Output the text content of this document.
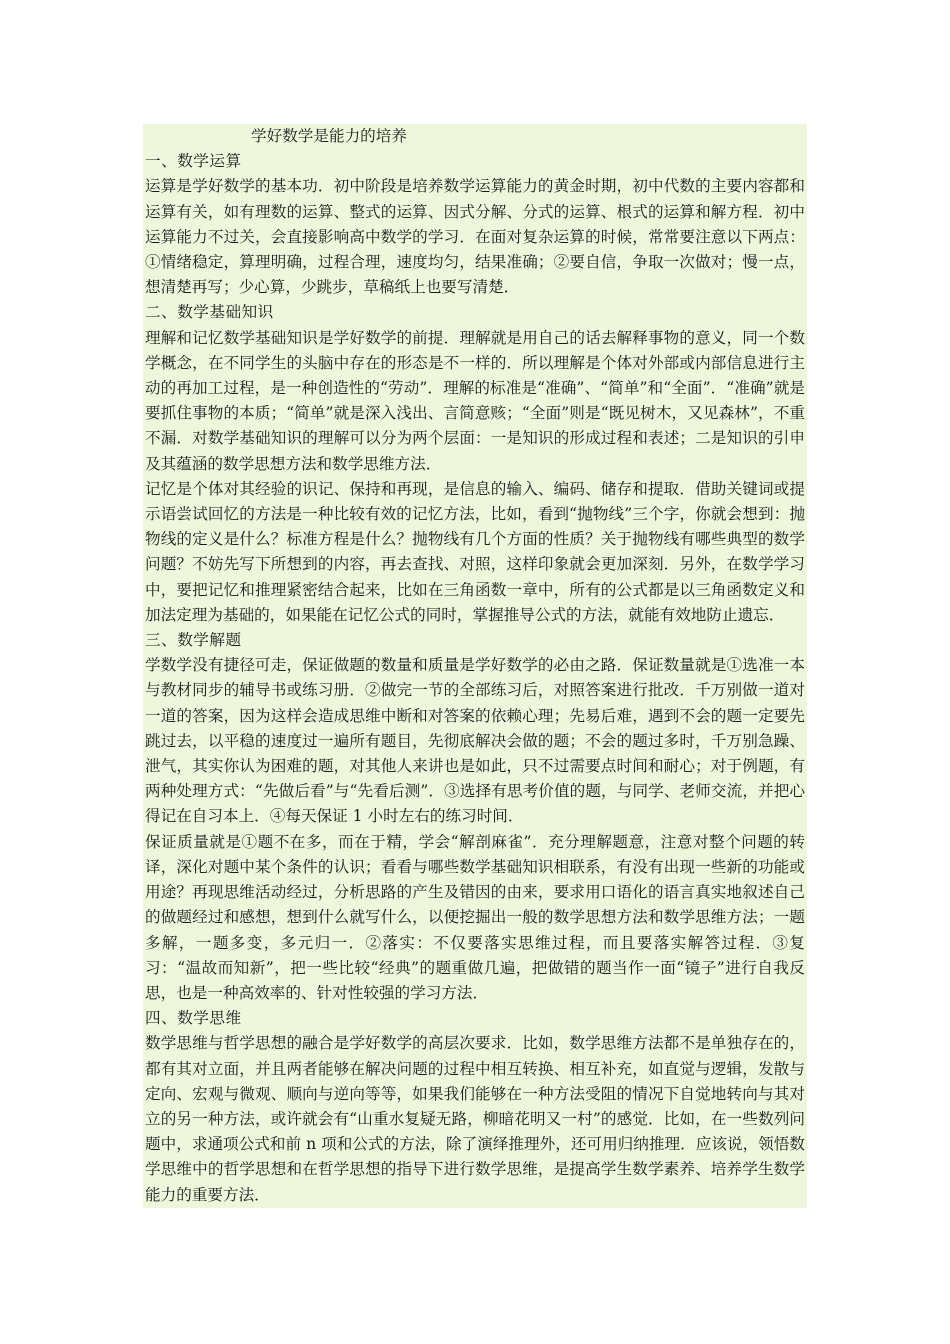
学好数学是能力的培养

一、数学运算

运算是学好数学的基本功．初中阶段是培养数学运算能力的黄金时期，初中代数的主要内容都和运算有关，如有理数的运算、整式的运算、因式分解、分式的运算、根式的运算和解方程．初中运算能力不过关，会直接影响高中数学的学习．在面对复杂运算的时候，常常要注意以下两点：①情绪稳定，算理明确，过程合理，速度均匀，结果准确；②要自信，争取一次做对；慢一点，想清楚再写；少心算，少跳步，草稿纸上也要写清楚．

二、数学基础知识

理解和记忆数学基础知识是学好数学的前提．理解就是用自己的话去解释事物的意义，同一个数学概念，在不同学生的头脑中存在的形态是不一样的．所以理解是个体对外部或内部信息进行主动的再加工过程，是一种创造性的“劳动”．理解的标准是“准确”、“简单”和“全面”．“准确”就是要抓住事物的本质；“简单”就是深入浅出、言简意赅；“全面”则是“既见树木，又见森林”，不重不漏．对数学基础知识的理解可以分为两个层面：一是知识的形成过程和表述；二是知识的引申及其蕴涵的数学思想方法和数学思维方法．

记忆是个体对其经验的识记、保持和再现，是信息的输入、编码、储存和提取．借助关键词或提示语尝试回忆的方法是一种比较有效的记忆方法，比如，看到“抛物线”三个字，你就会想到：抛物线的定义是什么？标准方程是什么？抛物线有几个方面的性质？关于抛物线有哪些典型的数学问题？不妨先写下所想到的内容，再去查找、对照，这样印象就会更加深刻．另外，在数学学习中，要把记忆和推理紧密结合起来，比如在三角函数一章中，所有的公式都是以三角函数定义和加法定理为基础的，如果能在记忆公式的同时，掌握推导公式的方法，就能有效地防止遗忘．

三、数学解题

学数学没有捷径可走，保证做题的数量和质量是学好数学的必由之路．保证数量就是①选准一本与教材同步的辅导书或练习册．②做完一节的全部练习后，对照答案进行批改．千万别做一道对一道的答案，因为这样会造成思维中断和对答案的依赖心理；先易后难，遇到不会的题一定要先跳过去，以平稳的速度过一遍所有题目，先彻底解决会做的题；不会的题过多时，千万别急躁、泄气，其实你认为困难的题，对其他人来讲也是如此，只不过需要点时间和耐心；对于例题，有两种处理方式：“先做后看”与“先看后测”．③选择有思考价值的题，与同学、老师交流，并把心得记在自习本上．④每天保证 1 小时左右的练习时间．

保证质量就是①题不在多，而在于精，学会“解剖麻雀”．充分理解题意，注意对整个问题的转译，深化对题中某个条件的认识；看看与哪些数学基础知识相联系，有没有出现一些新的功能或用途？再现思维活动经过，分析思路的产生及错因的由来，要求用口语化的语言真实地叙述自己的做题经过和感想，想到什么就写什么，以便挖掘出一般的数学思想方法和数学思维方法；一题多解，一题多变，多元归一．②落实：不仅要落实思维过程，而且要落实解答过程．③复习：“温故而知新”，把一些比较“经典”的题重做几遍，把做错的题当作一面“镜子”进行自我反思，也是一种高效率的、针对性较强的学习方法．

四、数学思维

数学思维与哲学思想的融合是学好数学的高层次要求．比如，数学思维方法都不是单独存在的，都有其对立面，并且两者能够在解决问题的过程中相互转换、相互补充，如直觉与逻辑，发散与定向、宏观与微观、顺向与逆向等等，如果我们能够在一种方法受阻的情况下自觉地转向与其对立的另一种方法，或许就会有“山重水复疑无路，柳暗花明又一村”的感觉．比如，在一些数列问题中，求通项公式和前 n 项和公式的方法，除了演绎推理外，还可用归纳推理．应该说，领悟数学思维中的哲学思想和在哲学思想的指导下进行数学思维，是提高学生数学素养、培养学生数学能力的重要方法．
